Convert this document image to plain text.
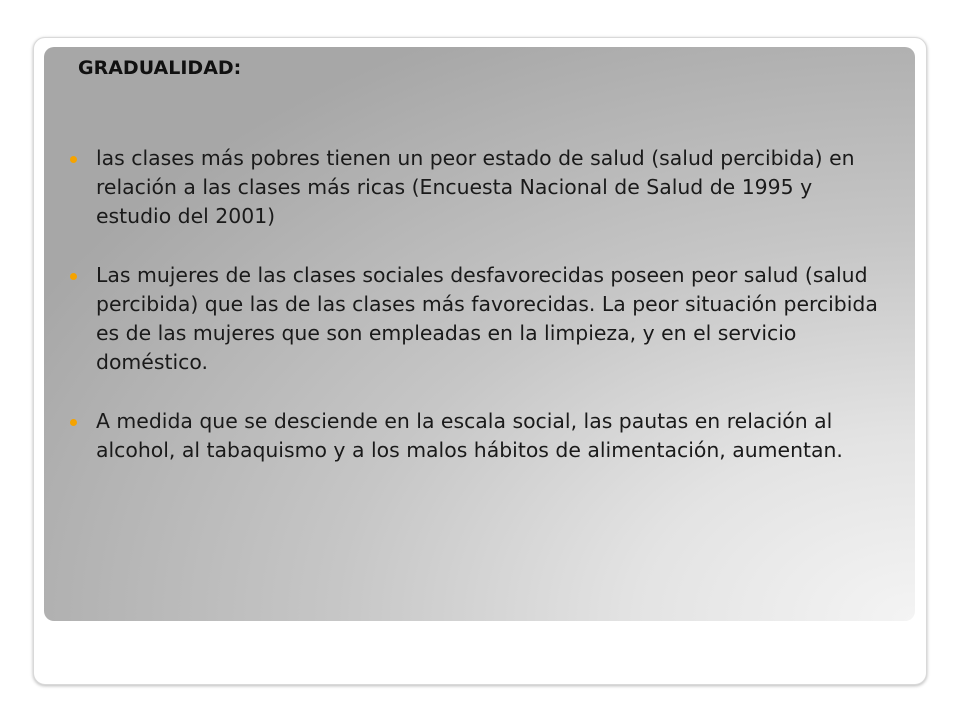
GRADUALIDAD:
las clases más pobres tienen un peor estado de salud (salud percibida) en relación a las clases más ricas (Encuesta Nacional de Salud de 1995 y estudio del 2001)
Las mujeres de las clases sociales desfavorecidas poseen peor salud (salud percibida) que las de las clases más favorecidas. La peor situación percibida es de las mujeres que son empleadas en la limpieza, y en el servicio doméstico.
A medida que se desciende en la escala social, las pautas en relación al alcohol, al tabaquismo y a los malos hábitos de alimentación, aumentan.
